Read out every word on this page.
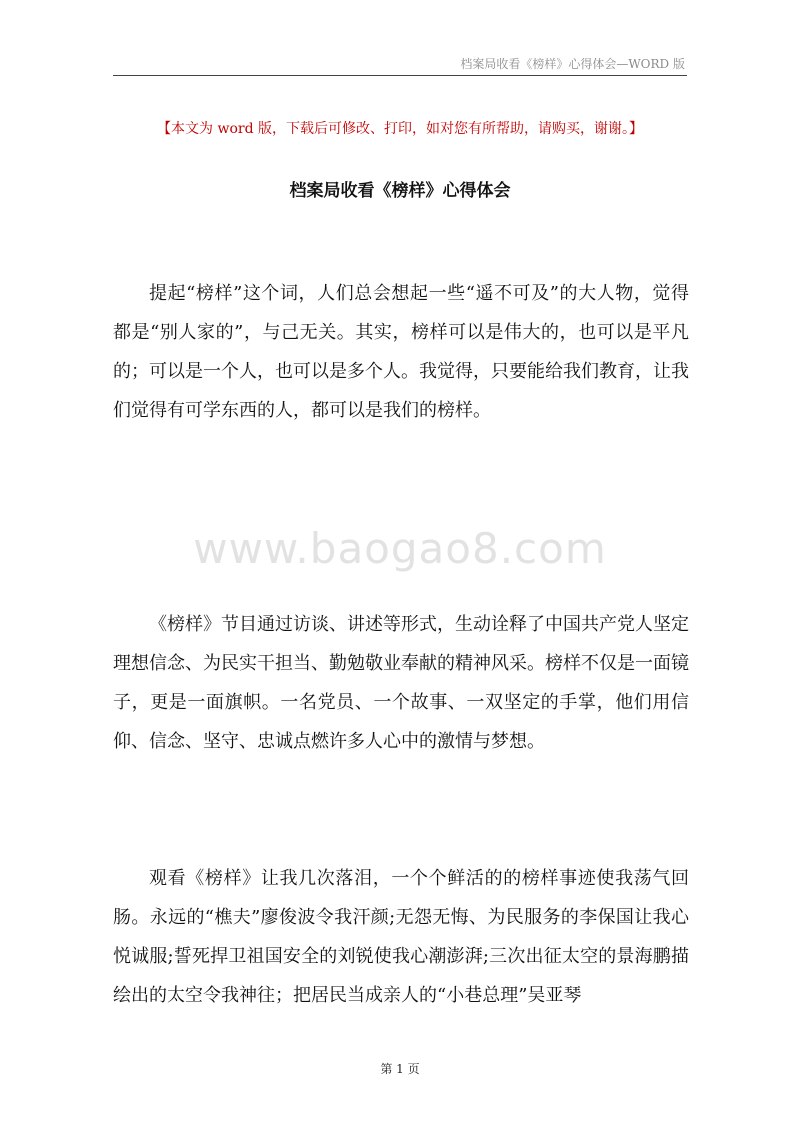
档案局收看《榜样》心得体会—WORD 版
【本文为 word 版，下载后可修改、打印，如对您有所帮助，请购买，谢谢。】
档案局收看《榜样》心得体会

提起“榜样”这个词，人们总会想起一些“遥不可及”的大人物，觉得都是“别人家的”，与己无关。其实，榜样可以是伟大的，也可以是平凡的；可以是一个人，也可以是多个人。我觉得，只要能给我们教育，让我们觉得有可学东西的人，都可以是我们的榜样。

www.baogao8.com

《榜样》节目通过访谈、讲述等形式，生动诠释了中国共产党人坚定理想信念、为民实干担当、勤勉敬业奉献的精神风采。榜样不仅是一面镜子，更是一面旗帜。一名党员、一个故事、一双坚定的手掌，他们用信仰、信念、坚守、忠诚点燃许多人心中的激情与梦想。

观看《榜样》让我几次落泪，一个个鲜活的的榜样事迹使我荡气回肠。永远的“樵夫”廖俊波令我汗颜;无怨无悔、为民服务的李保国让我心悦诚服;誓死捍卫祖国安全的刘锐使我心潮澎湃;三次出征太空的景海鹏描绘出的太空令我神往；把居民当成亲人的“小巷总理”吴亚琴

第 1 页
